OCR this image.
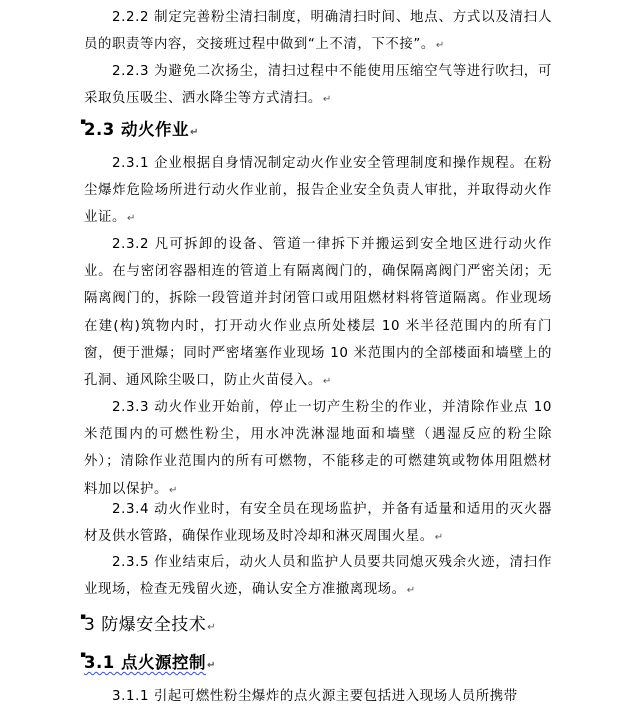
2.2.2 制定完善粉尘清扫制度，明确清扫时间、地点、方式以及清扫人员的职责等内容，交接班过程中做到“上不清，下不接”。↵

2.2.3 为避免二次扬尘，清扫过程中不能使用压缩空气等进行吹扫，可采取负压吸尘、洒水降尘等方式清扫。↵

▪2.3 动火作业↵

2.3.1 企业根据自身情况制定动火作业安全管理制度和操作规程。在粉尘爆炸危险场所进行动火作业前，报告企业安全负责人审批，并取得动火作业证。↵

2.3.2 凡可拆卸的设备、管道一律拆下并搬运到安全地区进行动火作业。在与密闭容器相连的管道上有隔离阀门的，确保隔离阀门严密关闭；无隔离阀门的，拆除一段管道并封闭管口或用阻燃材料将管道隔离。作业现场在建(构)筑物内时，打开动火作业点所处楼层 10 米半径范围内的所有门窗，便于泄爆；同时严密堵塞作业现场 10 米范围内的全部楼面和墙壁上的孔洞、通风除尘吸口，防止火苗侵入。↵

2.3.3 动火作业开始前，停止一切产生粉尘的作业，并清除作业点 10 米范围内的可燃性粉尘，用水冲洗淋湿地面和墙壁（遇湿反应的粉尘除外）；清除作业范围内的所有可燃物，不能移走的可燃建筑或物体用阻燃材料加以保护。↵

2.3.4 动火作业时，有安全员在现场监护，并备有适量和适用的灭火器材及供水管路，确保作业现场及时冷却和淋灭周围火星。↵

2.3.5 作业结束后，动火人员和监护人员要共同熄灭残余火迹，清扫作业现场，检查无残留火迹，确认安全方准撤离现场。↵

▪3 防爆安全技术↵
▪3.1 点火源控制↵

3.1.1 引起可燃性粉尘爆炸的点火源主要包括进入现场人员所携带
